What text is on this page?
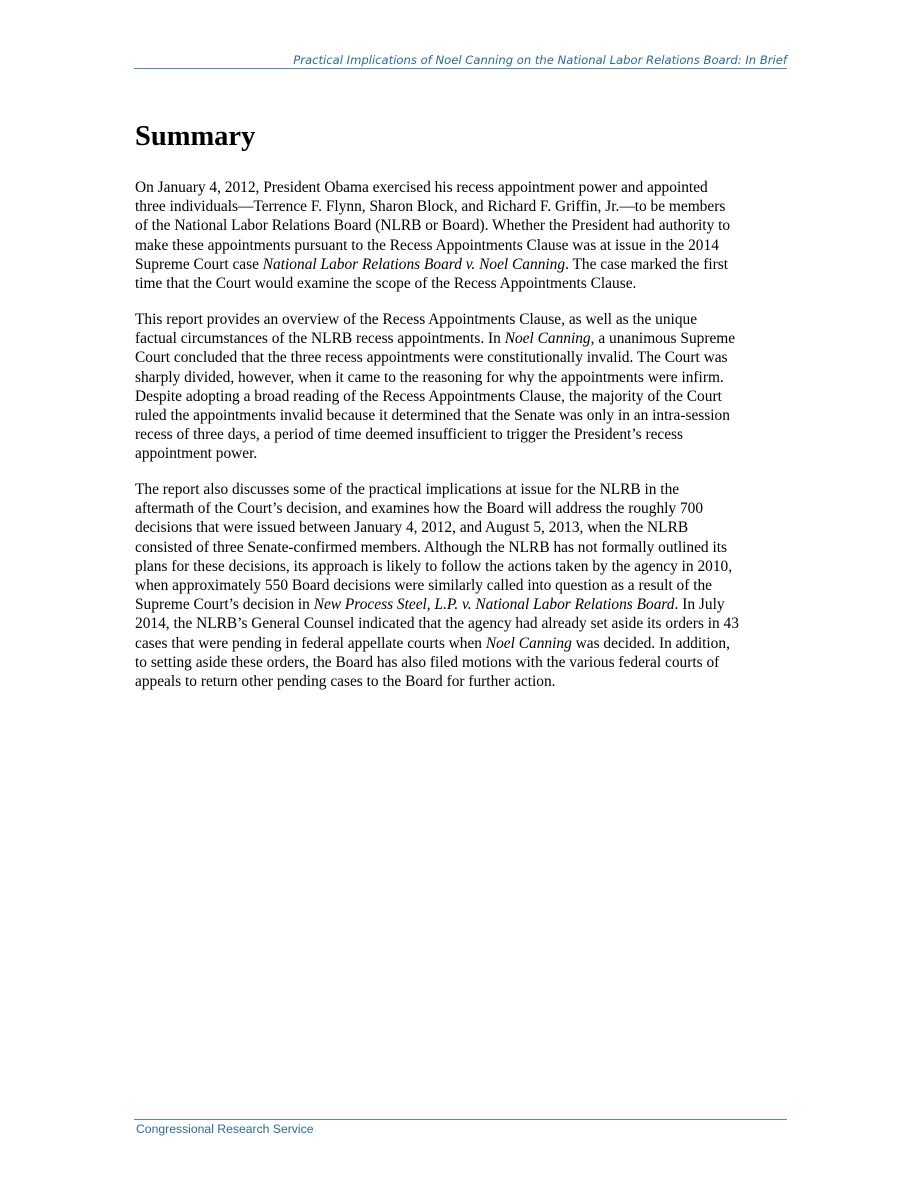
Practical Implications of Noel Canning on the National Labor Relations Board: In Brief
Summary
On January 4, 2012, President Obama exercised his recess appointment power and appointed
three individuals—Terrence F. Flynn, Sharon Block, and Richard F. Griffin, Jr.—to be members
of the National Labor Relations Board (NLRB or Board). Whether the President had authority to
make these appointments pursuant to the Recess Appointments Clause was at issue in the 2014
Supreme Court case National Labor Relations Board v. Noel Canning. The case marked the first
time that the Court would examine the scope of the Recess Appointments Clause.
This report provides an overview of the Recess Appointments Clause, as well as the unique
factual circumstances of the NLRB recess appointments. In Noel Canning, a unanimous Supreme
Court concluded that the three recess appointments were constitutionally invalid. The Court was
sharply divided, however, when it came to the reasoning for why the appointments were infirm.
Despite adopting a broad reading of the Recess Appointments Clause, the majority of the Court
ruled the appointments invalid because it determined that the Senate was only in an intra-session
recess of three days, a period of time deemed insufficient to trigger the President’s recess
appointment power.
The report also discusses some of the practical implications at issue for the NLRB in the
aftermath of the Court’s decision, and examines how the Board will address the roughly 700
decisions that were issued between January 4, 2012, and August 5, 2013, when the NLRB
consisted of three Senate-confirmed members. Although the NLRB has not formally outlined its
plans for these decisions, its approach is likely to follow the actions taken by the agency in 2010,
when approximately 550 Board decisions were similarly called into question as a result of the
Supreme Court’s decision in New Process Steel, L.P. v. National Labor Relations Board. In July
2014, the NLRB’s General Counsel indicated that the agency had already set aside its orders in 43
cases that were pending in federal appellate courts when Noel Canning was decided. In addition,
to setting aside these orders, the Board has also filed motions with the various federal courts of
appeals to return other pending cases to the Board for further action.
Congressional Research Service
